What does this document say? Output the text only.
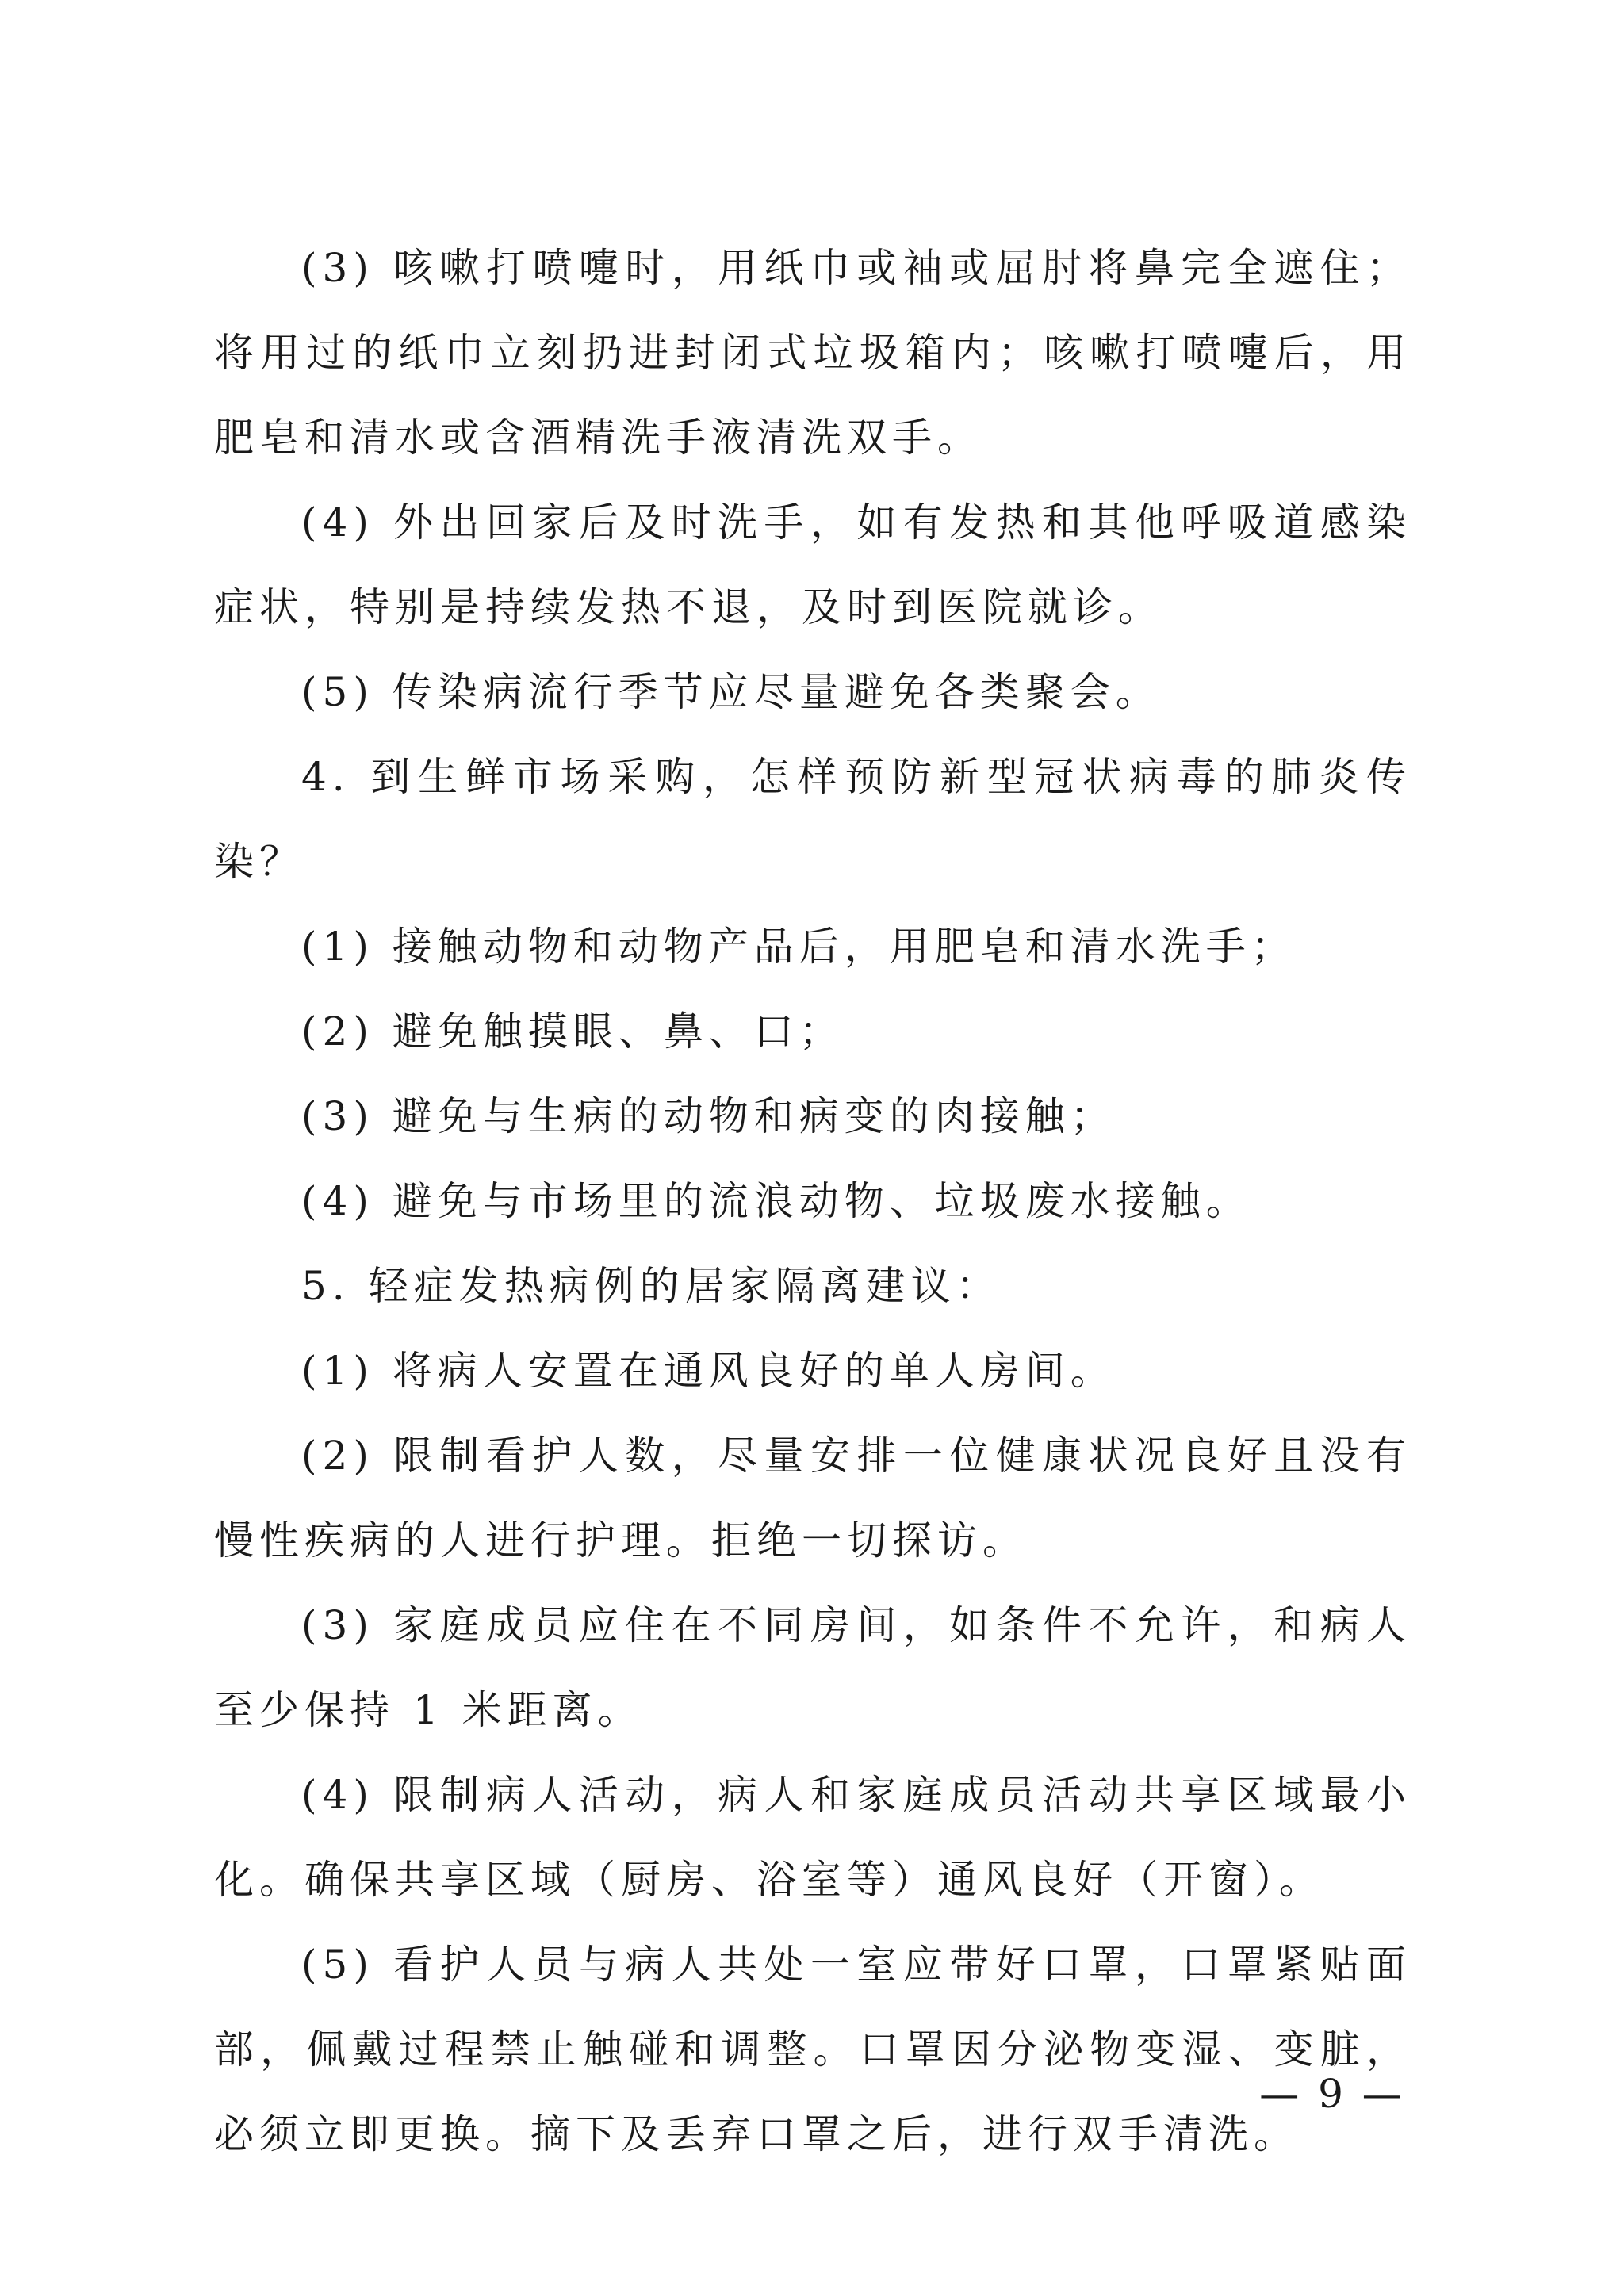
(3) 咳嗽打喷嚏时，用纸巾或袖或屈肘将鼻完全遮住；将用过的纸巾立刻扔进封闭式垃圾箱内；咳嗽打喷嚏后，用肥皂和清水或含酒精洗手液清洗双手。

(4) 外出回家后及时洗手，如有发热和其他呼吸道感染症状，特别是持续发热不退，及时到医院就诊。

(5) 传染病流行季节应尽量避免各类聚会。

4. 到生鲜市场采购，怎样预防新型冠状病毒的肺炎传染？

(1) 接触动物和动物产品后，用肥皂和清水洗手；

(2) 避免触摸眼、鼻、口；

(3) 避免与生病的动物和病变的肉接触；

(4) 避免与市场里的流浪动物、垃圾废水接触。

5. 轻症发热病例的居家隔离建议：

(1) 将病人安置在通风良好的单人房间。

(2) 限制看护人数，尽量安排一位健康状况良好且没有慢性疾病的人进行护理。拒绝一切探访。

(3) 家庭成员应住在不同房间，如条件不允许，和病人至少保持 1 米距离。

(4) 限制病人活动，病人和家庭成员活动共享区域最小化。确保共享区域（厨房、浴室等）通风良好（开窗）。

(5) 看护人员与病人共处一室应带好口罩，口罩紧贴面部，佩戴过程禁止触碰和调整。口罩因分泌物变湿、变脏，必须立即更换。摘下及丢弃口罩之后，进行双手清洗。

— 9 —
